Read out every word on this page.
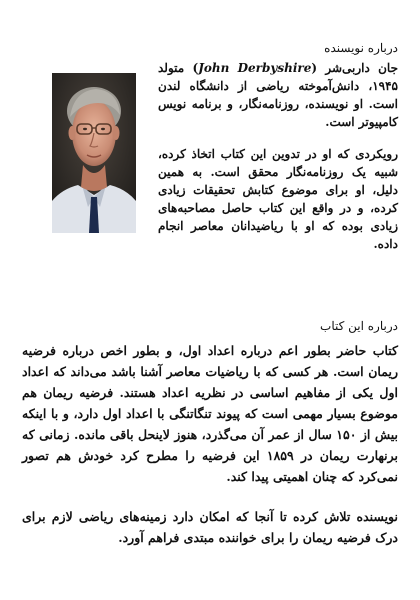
درباره نویسنده

جان داربی‌شر (John Derbyshire) متولد ۱۹۴۵، دانش‌آموخته ریاضی از دانشگاه لندن است. او نویسنده، روزنامه‌نگار، و برنامه نویس کامپیوتر است.

رویکردی که او در تدوین این کتاب اتخاذ کرده، شبیه یک روزنامه‌نگار محقق است. به همین دلیل، او برای موضوع کتابش تحقیقات زیادی کرده، و در واقع این کتاب حاصل مصاحبه‌های زیادی بوده که او با ریاضیدانان معاصر انجام داده.

درباره این کتاب

کتاب حاضر بطور اعم درباره اعداد اول، و بطور اخص درباره فرضیه ریمان است. هر کسی که با ریاضیات معاصر آشنا باشد می‌داند که اعداد اول یکی از مفاهیم اساسی در نظریه اعداد هستند. فرضیه ریمان هم موضوع بسیار مهمی است که پیوند تنگاتنگی با اعداد اول دارد، و با اینکه بیش از ۱۵۰ سال از عمر آن می‌گذرد، هنوز لاینحل باقی مانده. زمانی که برنهارت ریمان در ۱۸۵۹ این فرضیه را مطرح کرد خودش هم تصور نمی‌کرد که چنان اهمیتی پیدا کند.

نویسنده تلاش کرده تا آنجا که امکان دارد زمینه‌های ریاضی لازم برای درک فرضیه ریمان را برای خواننده مبتدی فراهم آورد.
